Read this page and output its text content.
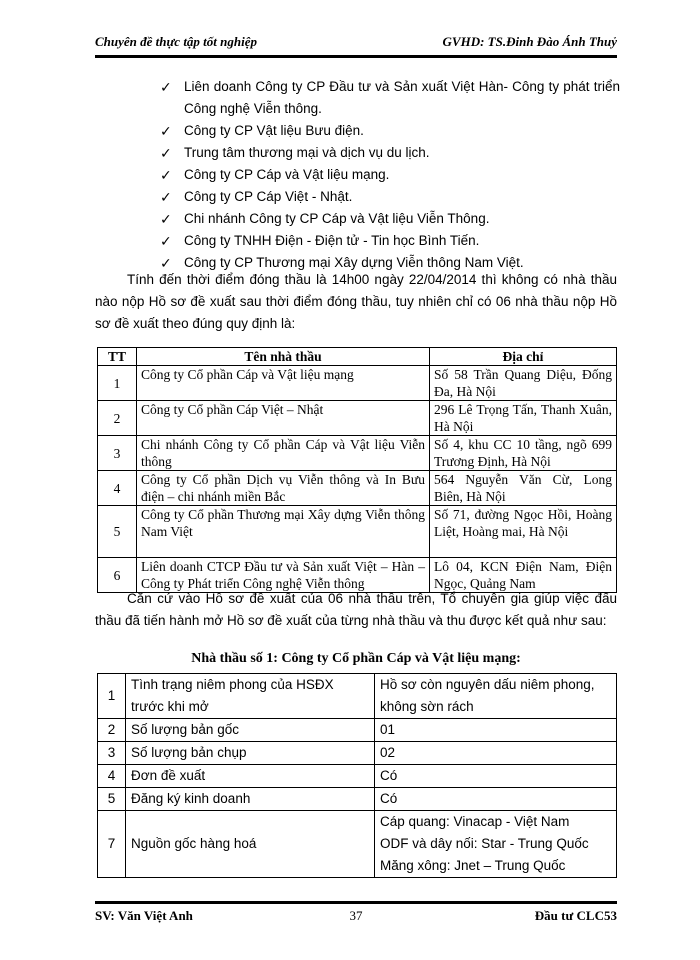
Chuyên đề thực tập tốt nghiệp	GVHD: TS.Đinh Đào Ánh Thuỷ
✓ Liên doanh Công ty CP Đầu tư và Sản xuất Việt Hàn- Công ty phát triển Công nghệ Viễn thông.
✓ Công ty CP Vật liệu Bưu điện.
✓ Trung tâm thương mại và dịch vụ du lịch.
✓ Công ty CP Cáp và Vật liệu mạng.
✓ Công ty CP Cáp Việt - Nhật.
✓ Chi nhánh Công ty CP Cáp và Vật liệu Viễn Thông.
✓ Công ty TNHH Điện - Điện tử - Tin học Bình Tiến.
✓ Công ty CP Thương mại Xây dựng Viễn thông Nam Việt.

Tính đến thời điểm đóng thầu là 14h00 ngày 22/04/2014 thì không có nhà thầu nào nộp Hồ sơ đề xuất sau thời điểm đóng thầu, tuy nhiên chỉ có 06 nhà thầu nộp Hồ sơ đề xuất theo đúng quy định là:

TT	Tên nhà thầu	Địa chỉ
1	Công ty Cổ phần Cáp và Vật liệu mạng	Số 58 Trần Quang Diệu, Đống Đa, Hà Nội
2	Công ty Cổ phần Cáp Việt – Nhật	296 Lê Trọng Tấn, Thanh Xuân, Hà Nội
3	Chi nhánh Công ty Cổ phần Cáp và Vật liệu Viễn thông	Số 4, khu CC 10 tầng, ngõ 699 Trương Định, Hà Nội
4	Công ty Cổ phần Dịch vụ Viễn thông và In Bưu điện – chi nhánh miền Bắc	564 Nguyễn Văn Cừ, Long Biên, Hà Nội
5	Công ty Cổ phần Thương mại Xây dựng Viễn thông Nam Việt	Số 71, đường Ngọc Hồi, Hoàng Liệt, Hoàng mai, Hà Nội
6	Liên doanh CTCP Đầu tư và Sản xuất Việt – Hàn – Công ty Phát triển Công nghệ Viễn thông	Lô 04, KCN Điện Nam, Điện Ngọc, Quảng Nam

Căn cứ vào Hồ sơ đề xuất của 06 nhà thầu trên, Tổ chuyên gia giúp việc đấu thầu đã tiến hành mở Hồ sơ đề xuất của từng nhà thầu và thu được kết quả như sau:

Nhà thầu số 1: Công ty Cổ phần Cáp và Vật liệu mạng:
1	Tình trạng niêm phong của HSĐX trước khi mở	Hồ sơ còn nguyên dấu niêm phong, không sờn rách
2	Số lượng bản gốc	01
3	Số lượng bản chụp	02
4	Đơn đề xuất	Có
5	Đăng ký kinh doanh	Có
7	Nguồn gốc hàng hoá	Cáp quang: Vinacap - Việt Nam
ODF và dây nối: Star - Trung Quốc
Măng xông: Jnet – Trung Quốc
SV: Văn Việt Anh	37	Đầu tư CLC53
